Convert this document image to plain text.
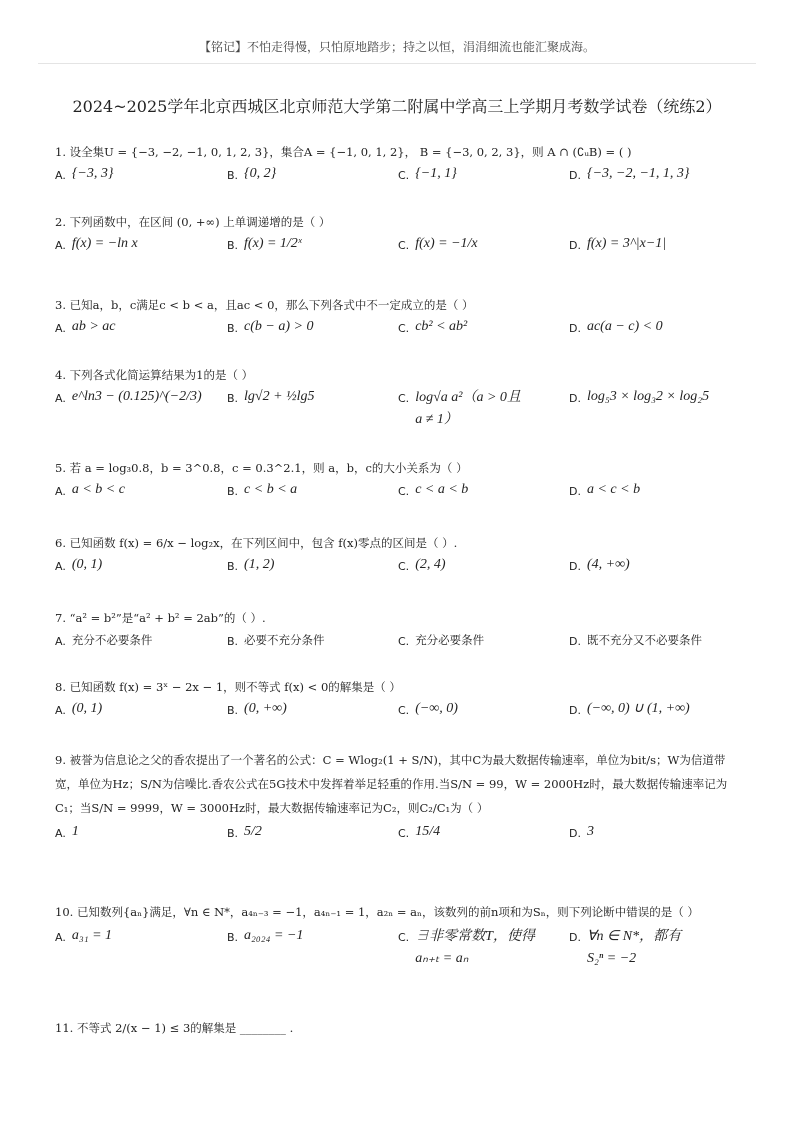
【铭记】不怕走得慢，只怕原地踏步；持之以恒，涓涓细流也能汇聚成海。
2024~2025学年北京西城区北京师范大学第二附属中学高三上学期月考数学试卷（统练2）
1. 设全集U = {−3, −2, −1, 0, 1, 2, 3}，集合A = {−1, 0, 1, 2}， B = {−3, 0, 2, 3}，则 A ∩ (∁ᵤB) = ( )
A. {−3, 3}	B. {0, 2}	C. {−1, 1}	D. {−3, −2, −1, 1, 3}
2. 下列函数中，在区间 (0, +∞) 上单调递增的是（ ）
A. f(x) = −ln x	B. f(x) = 1/2ˣ	C. f(x) = −1/x	D. f(x) = 3^|x−1|
3. 已知a，b，c满足c < b < a，且ac < 0，那么下列各式中不一定成立的是（ ）
A. ab > ac	B. c(b − a) > 0	C. cb² < ab²	D. ac(a − c) < 0
4. 下列各式化简运算结果为1的是（ ）
A. e^ln3 − (0.125)^(−2/3) B. lg√2 + ½lg5	C. log√a a²（a > 0且
a ≠ 1）
D. log₅3 × log₃2 × log₂5
5. 若 a = log₃0.8，b = 3^0.8，c = 0.3^2.1，则 a，b，c的大小关系为（ ）
A. a < b < c	B. c < b < a	C. c < a < b	D. a < c < b
6. 已知函数 f(x) = 6/x − log₂x，在下列区间中，包含 f(x)零点的区间是（ ）.
A. (0, 1)	B. (1, 2)	C. (2, 4)	D. (4, +∞)
7. “a² = b²”是“a² + b² = 2ab”的（ ）.
A. 充分不必要条件	B. 必要不充分条件	C. 充分必要条件	D. 既不充分又不必要条件
8. 已知函数 f(x) = 3ˣ − 2x − 1，则不等式 f(x) < 0的解集是（ ）
A. (0, 1)	B. (0, +∞)	C. (−∞, 0)	D. (−∞, 0) ∪ (1, +∞)
9. 被誉为信息论之父的香农提出了一个著名的公式：C = Wlog₂(1 + S/N)，其中C为最大数据传输速率，单位为bit/s；W为信道带宽，单位为Hz；S/N为信噪比.香农公式在5G技术中发挥着举足轻重的作用.当S/N = 99，W = 2000Hz时，最大数据传输速率记为C₁；当S/N = 9999，W = 3000Hz时，最大数据传输速率记为C₂，则C₂/C₁为（ ）
A. 1	B. 5/2	C. 15/4	D. 3
10. 已知数列{aₙ}满足，∀n ∈ N*，a₄ₙ₋₃ = −1，a₄ₙ₋₁ = 1，a₂ₙ = aₙ，该数列的前n项和为Sₙ，则下列论断中错误的是（ ）
A. a₃₁ = 1	B. a₂₀₂₄ = −1	C. ∃非零常数T，使得
aₙ₊ₜ = aₙ
D. ∀n ∈ N*，都有
S₂ⁿ = −2
11. 不等式 2/(x − 1) ≤ 3的解集是 ________ .
